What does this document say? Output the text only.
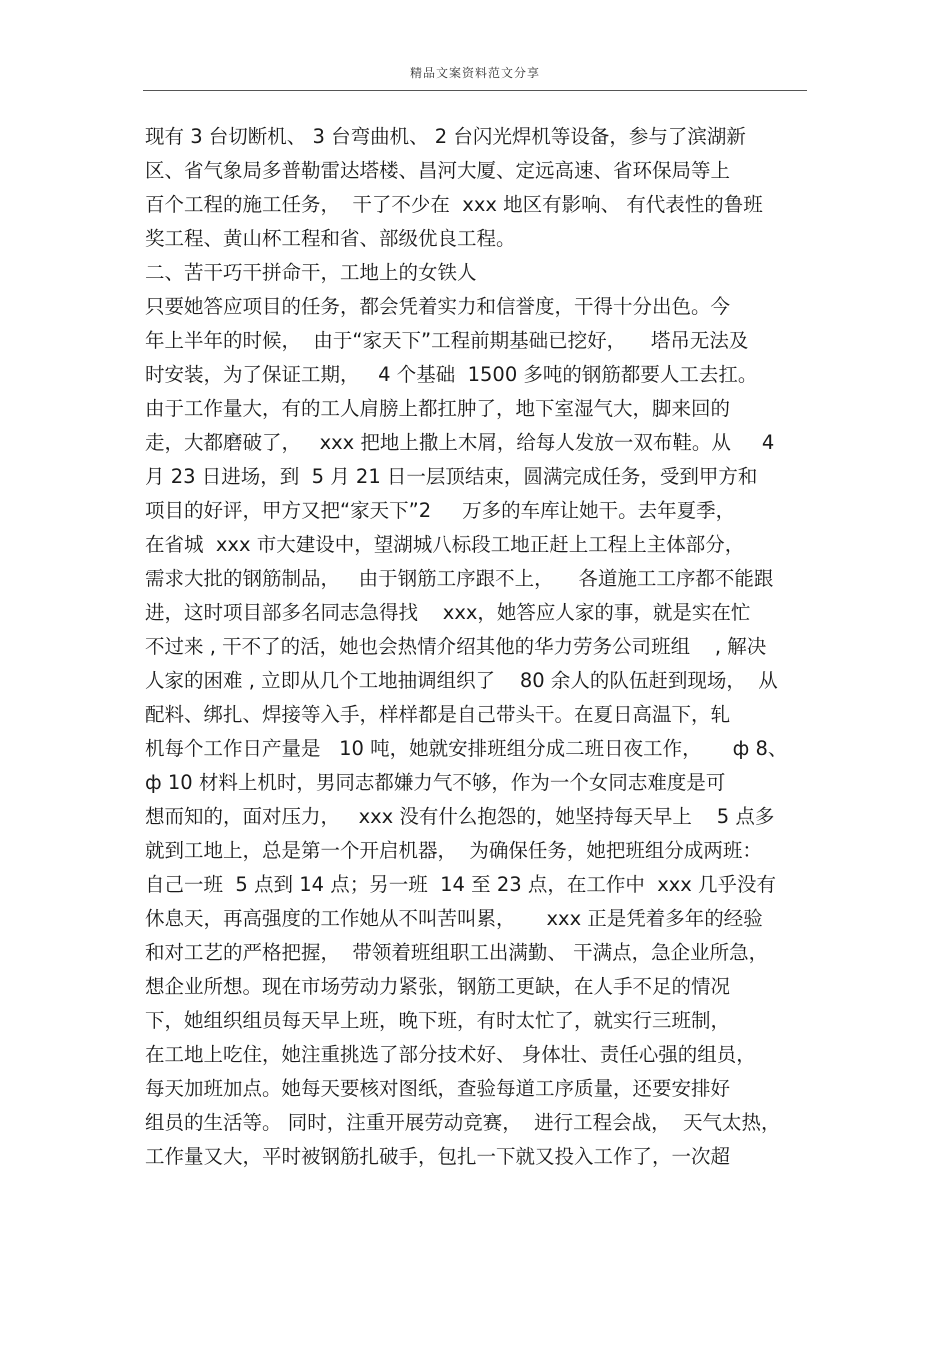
精品文案资料范文分享
现有 3 台切断机、 3 台弯曲机、 2 台闪光焊机等设备，参与了滨湖新
区、省气象局多普勒雷达塔楼、昌河大厦、定远高速、省环保局等上
百个工程的施工任务，  干了不少在  xxx 地区有影响、 有代表性的鲁班
奖工程、黄山杯工程和省、部级优良工程。
二、苦干巧干拼命干，工地上的女铁人
只要她答应项目的任务，都会凭着实力和信誉度，干得十分出色。今
年上半年的时候，  由于“家天下”工程前期基础已挖好，    塔吊无法及
时安装，为了保证工期，   4 个基础  1500 多吨的钢筋都要人工去扛。
由于工作量大，有的工人肩膀上都扛肿了，地下室湿气大，脚来回的
走，大都磨破了，   xxx 把地上撒上木屑，给每人发放一双布鞋。从     4
月 23 日进场，到  5 月 21 日一层顶结束，圆满完成任务，受到甲方和
项目的好评，甲方又把“家天下”2     万多的车库让她干。去年夏季，
在省城  xxx 市大建设中，望湖城八标段工地正赶上工程上主体部分，
需求大批的钢筋制品，   由于钢筋工序跟不上，    各道施工工序都不能跟
进，这时项目部多名同志急得找    xxx，她答应人家的事，就是实在忙
不过来 , 干不了的活，她也会热情介绍其他的华力劳务公司班组    , 解决
人家的困难 , 立即从几个工地抽调组织了    80 余人的队伍赶到现场，  从
配料、绑扎、焊接等入手，样样都是自己带头干。在夏日高温下，轧
机每个工作日产量是   10 吨，她就安排班组分成二班日夜工作，     ф 8、
ф 10 材料上机时，男同志都嫌力气不够，作为一个女同志难度是可
想而知的，面对压力，   xxx 没有什么抱怨的，她坚持每天早上    5 点多
就到工地上，总是第一个开启机器，  为确保任务，她把班组分成两班：
自己一班  5 点到 14 点；另一班  14 至 23 点，在工作中  xxx 几乎没有
休息天，再高强度的工作她从不叫苦叫累，     xxx 正是凭着多年的经验
和对工艺的严格把握，  带领着班组职工出满勤、 干满点，急企业所急，
想企业所想。现在市场劳动力紧张，钢筋工更缺，在人手不足的情况
下，她组织组员每天早上班，晚下班，有时太忙了，就实行三班制，
在工地上吃住，她注重挑选了部分技术好、 身体壮、责任心强的组员，
每天加班加点。她每天要核对图纸，查验每道工序质量，还要安排好
组员的生活等。 同时，注重开展劳动竞赛，  进行工程会战，  天气太热，
工作量又大，平时被钢筋扎破手，包扎一下就又投入工作了，一次超
